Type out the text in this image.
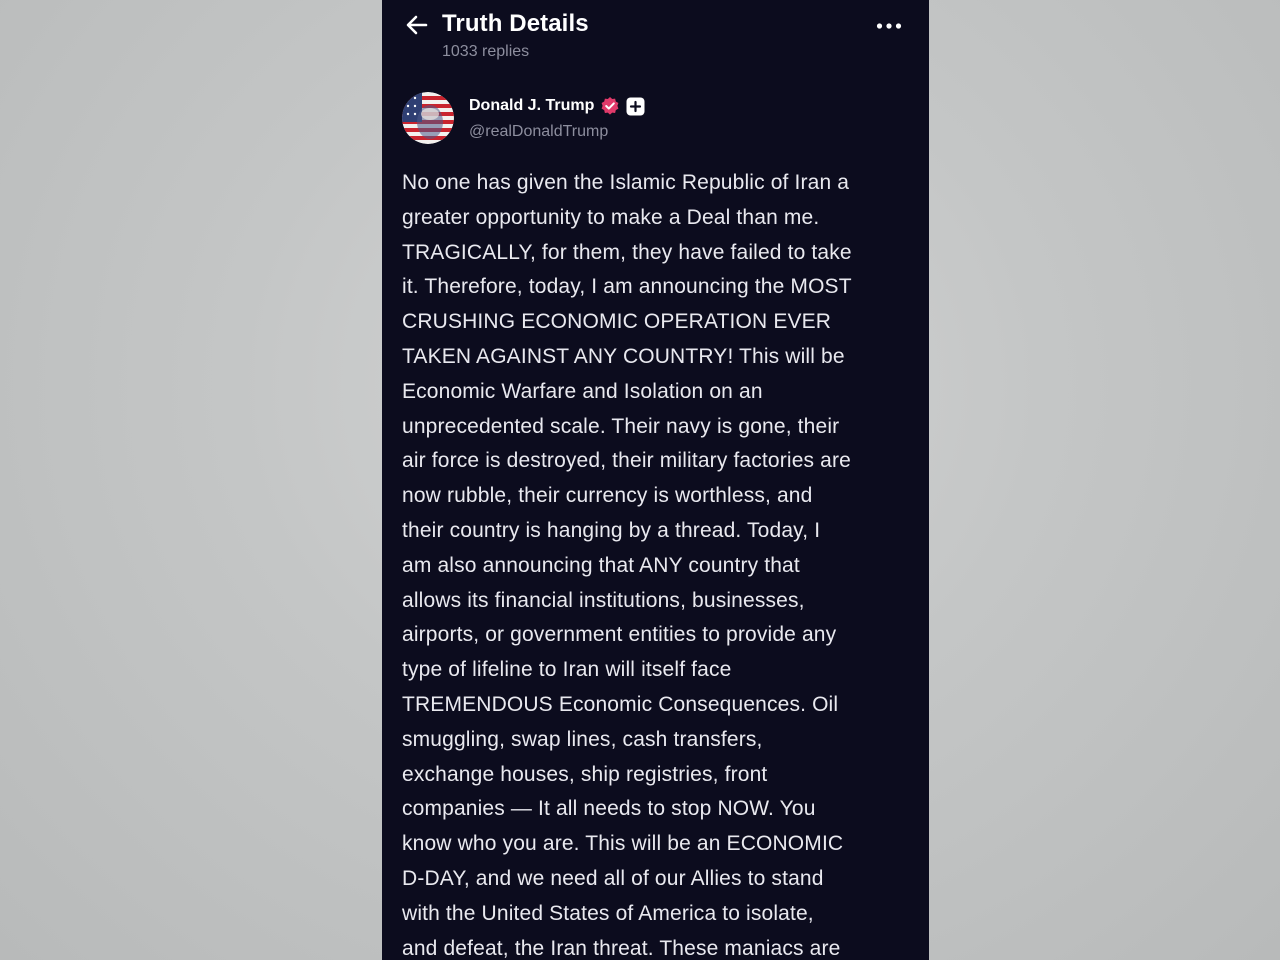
Truth Details
1033 replies
Donald J. Trump
@realDonaldTrump
No one has given the Islamic Republic of Iran a
greater opportunity to make a Deal than me.
TRAGICALLY, for them, they have failed to take
it. Therefore, today, I am announcing the MOST
CRUSHING ECONOMIC OPERATION EVER
TAKEN AGAINST ANY COUNTRY! This will be
Economic Warfare and Isolation on an
unprecedented scale. Their navy is gone, their
air force is destroyed, their military factories are
now rubble, their currency is worthless, and
their country is hanging by a thread. Today, I
am also announcing that ANY country that
allows its financial institutions, businesses,
airports, or government entities to provide any
type of lifeline to Iran will itself face
TREMENDOUS Economic Consequences. Oil
smuggling, swap lines, cash transfers,
exchange houses, ship registries, front
companies — It all needs to stop NOW. You
know who you are. This will be an ECONOMIC
D-DAY, and we need all of our Allies to stand
with the United States of America to isolate,
and defeat, the Iran threat. These maniacs are
